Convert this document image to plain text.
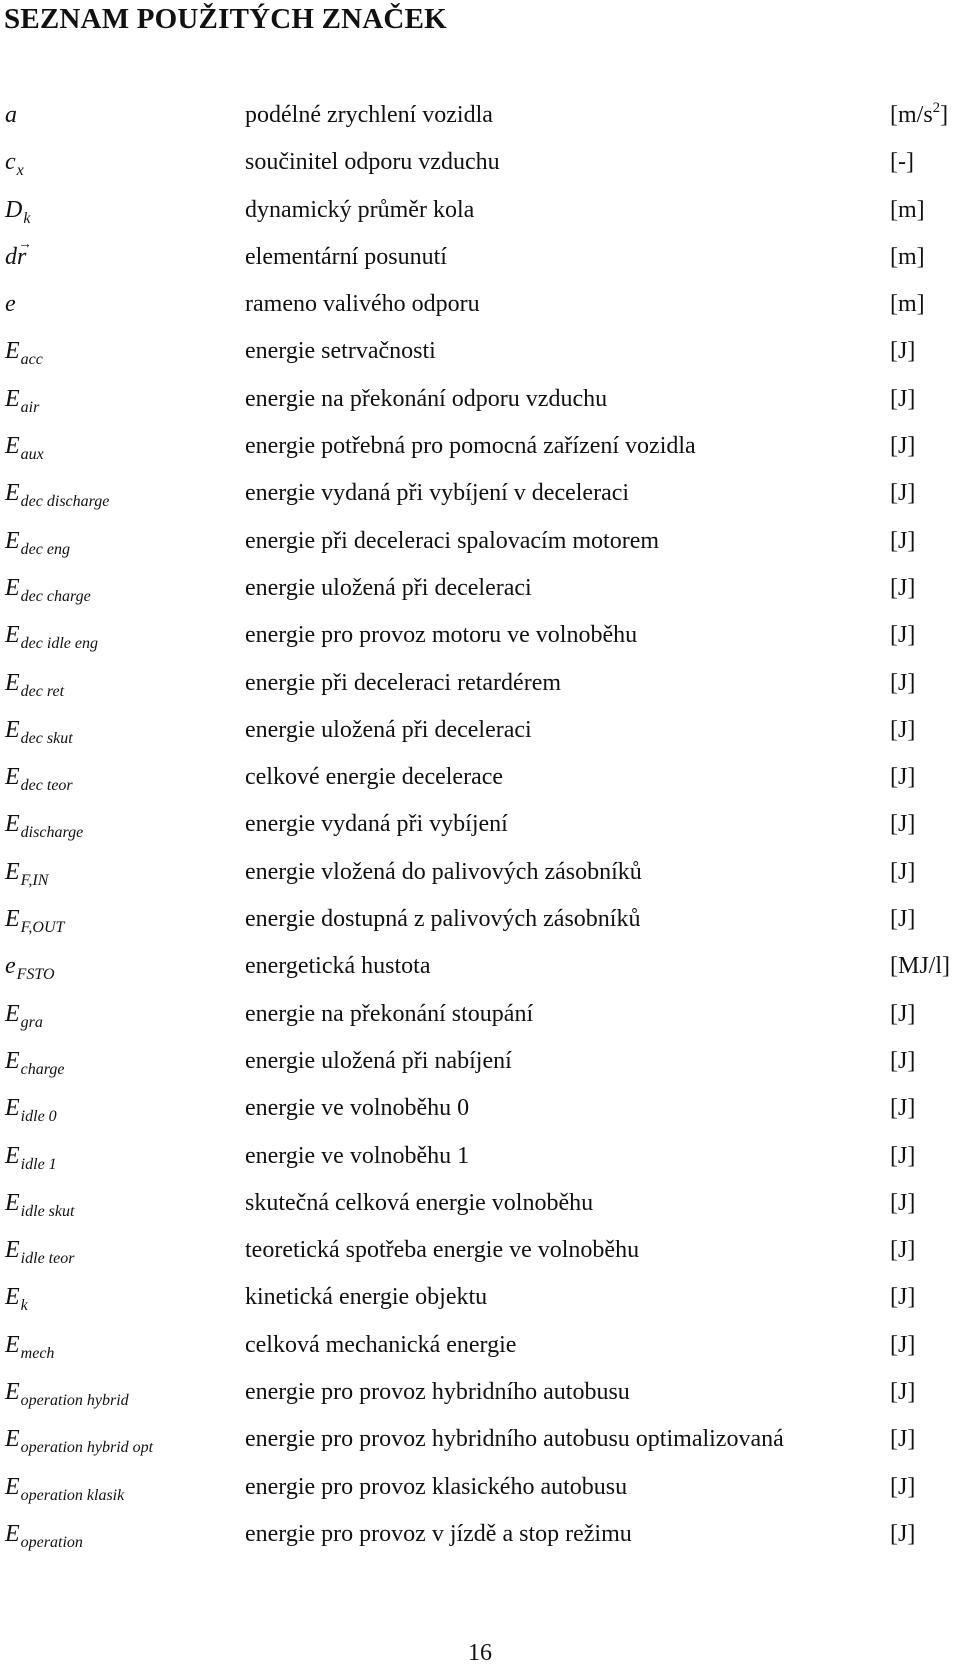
SEZNAM POUŽITÝCH ZNAČEK
a	podélné zrychlení vozidla	$[m/s^2]$
$c_x$	součinitel odporu vzduchu	[-]
$D_k$	dynamický průměr kola	[m]
d→ r	elementární posunutí	[m]
e	rameno valivého odporu	[m]
$E_{acc}$	energie setrvačnosti	[J]
$E_{air}$	energie na překonání odporu vzduchu	[J]
$E_{aux}$	energie potřebná pro pomocná zařízení vozidla	[J]
$E_{dec discharge}$	energie vydaná při vybíjení v deceleraci	[J]
$E_{dec eng}$	energie při deceleraci spalovacím motorem	[J]
$E_{dec charge}$	energie uložená při deceleraci	[J]
$E_{dec idle eng}$	energie pro provoz motoru ve volnoběhu	[J]
$E_{dec ret}$	energie při deceleraci retardérem	[J]
$E_{dec skut}$	energie uložená při deceleraci	[J]
$E_{dec teor}$	celkové energie decelerace	[J]
$E_{discharge}$	energie vydaná při vybíjení	[J]
$E_{F,IN}$	energie vložená do palivových zásobníků	[J]
$E_{F,OUT}$	energie dostupná z palivových zásobníků	[J]
$e_{FSTO}$	energetická hustota	[MJ/l]
$E_{gra}$	energie na překonání stoupání	[J]
$E_{charge}$	energie uložená při nabíjení	[J]
$E_{idle 0}$	energie ve volnoběhu 0	[J]
$E_{idle 1}$	energie ve volnoběhu 1	[J]
$E_{idle skut}$	skutečná celková energie volnoběhu	[J]
$E_{idle teor}$	teoretická spotřeba energie ve volnoběhu	[J]
$E_k$	kinetická energie objektu	[J]
$E_{mech}$	celková mechanická energie	[J]
$E_{operation hybrid}$	energie pro provoz hybridního autobusu	[J]
$E_{operation hybrid opt}$	energie pro provoz hybridního autobusu optimalizovaná	[J]
$E_{operation klasik}$	energie pro provoz klasického autobusu	[J]
$E_{operation}$	energie pro provoz v jízdě a stop režimu	[J]
16
